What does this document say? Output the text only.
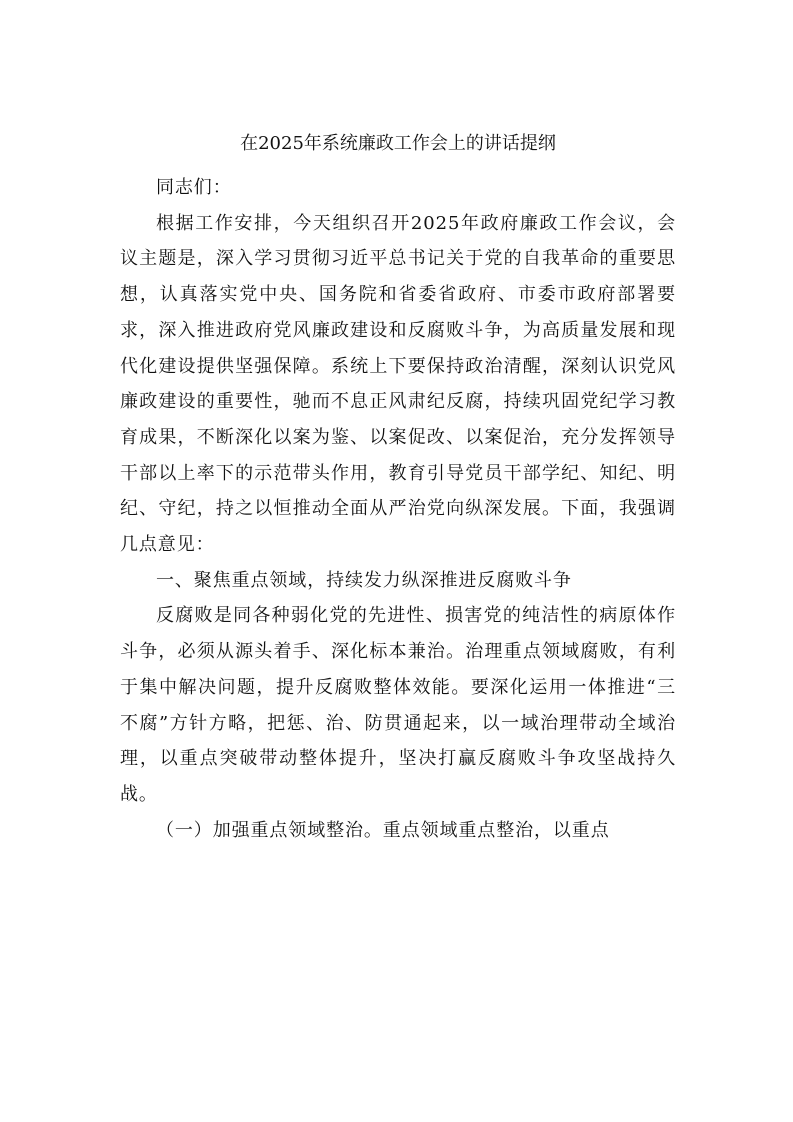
在2025年系统廉政工作会上的讲话提纲

同志们：

根据工作安排，今天组织召开2025年政府廉政工作会议，会议主题是，深入学习贯彻习近平总书记关于党的自我革命的重要思想，认真落实党中央、国务院和省委省政府、市委市政府部署要求，深入推进政府党风廉政建设和反腐败斗争，为高质量发展和现代化建设提供坚强保障。系统上下要保持政治清醒，深刻认识党风廉政建设的重要性，驰而不息正风肃纪反腐，持续巩固党纪学习教育成果，不断深化以案为鉴、以案促改、以案促治，充分发挥领导干部以上率下的示范带头作用，教育引导党员干部学纪、知纪、明纪、守纪，持之以恒推动全面从严治党向纵深发展。下面，我强调几点意见：

一、聚焦重点领域，持续发力纵深推进反腐败斗争

反腐败是同各种弱化党的先进性、损害党的纯洁性的病原体作斗争，必须从源头着手、深化标本兼治。治理重点领域腐败，有利于集中解决问题，提升反腐败整体效能。要深化运用一体推进“三不腐”方针方略，把惩、治、防贯通起来，以一域治理带动全域治理，以重点突破带动整体提升，坚决打赢反腐败斗争攻坚战持久战。

（一）加强重点领域整治。重点领域重点整治，以重点
